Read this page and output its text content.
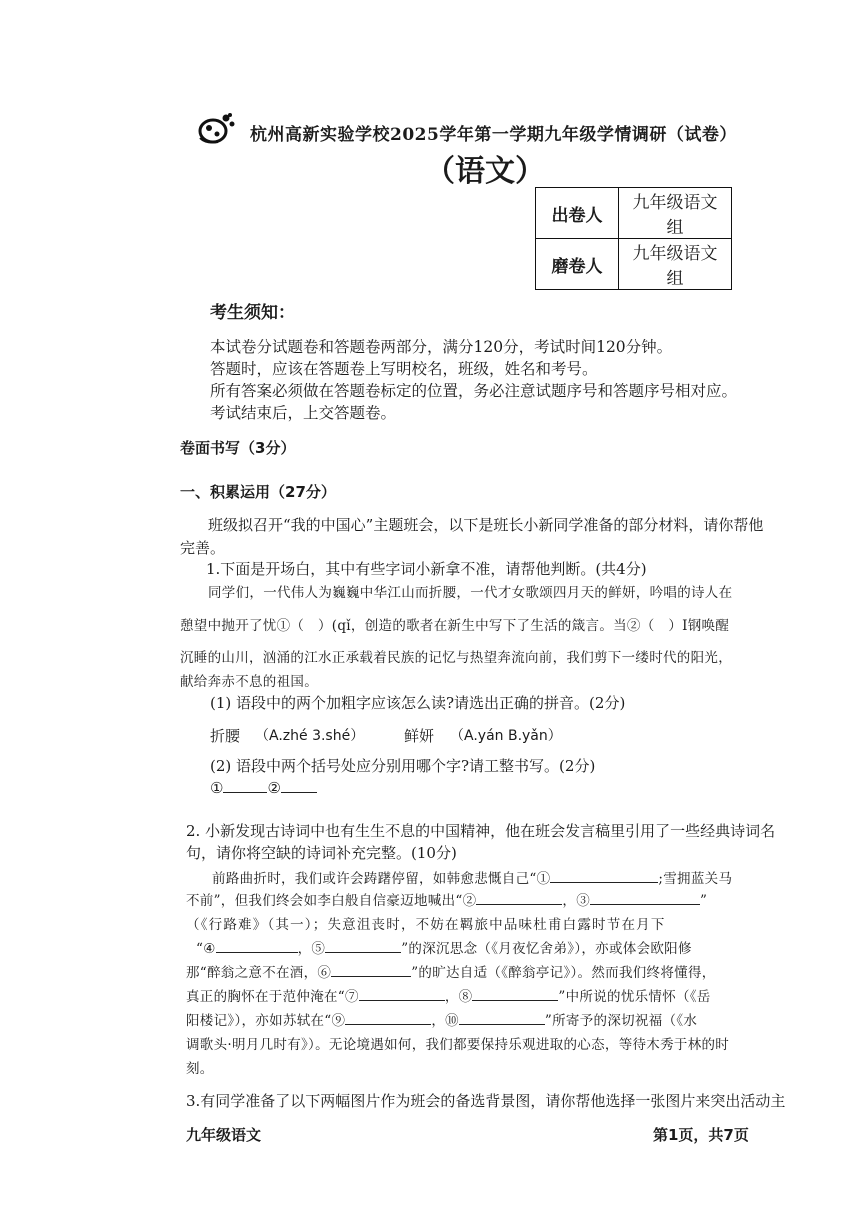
杭州高新实验学校2025学年第一学期九年级学情调研（试卷）
（语文）
出卷人	九年级语文组
磨卷人	九年级语文组
考生须知：
本试卷分试题卷和答题卷两部分，满分120分，考试时间120分钟。
答题时，应该在答题卷上写明校名，班级，姓名和考号。
所有答案必须做在答题卷标定的位置，务必注意试题序号和答题序号相对应。
考试结束后，上交答题卷。
卷面书写（3分）
一、积累运用（27分）
班级拟召开“我的中国心”主题班会，以下是班长小新同学准备的部分材料，请你帮他
完善。
1.下面是开场白，其中有些字词小新拿不准，请帮他判断。(共4分)
同学们，一代伟人为巍巍中华江山而折腰，一代才女歌颂四月天的鲜妍，吟唱的诗人在
憩望中抛开了忧①（　）(qǐ，创造的歌者在新生中写下了生活的箴言。当②（　）Ⅰ钢唤醒
沉睡的山川，汹涌的江水正承载着民族的记忆与热望奔流向前，我们剪下一缕时代的阳光，
献给奔赤不息的祖国。
(1) 语段中的两个加粗字应该怎么读?请选出正确的拼音。(2分)
折腰 （A.zhé 3.shé）	鲜妍 （A.yán B.yǎn）
(2) 语段中两个括号处应分别用哪个字?请工整书写。(2分)
①	②
2. 小新发现古诗词中也有生生不息的中国精神，他在班会发言稿里引用了一些经典诗词名
句，请你将空缺的诗词补充完整。(10分)
前路曲折时，我们或许会踌躇停留，如韩愈悲慨自己“①	;雪拥蓝关马
不前”，但我们终会如李白般自信豪迈地喊出“②	，③	”
（《行路难》（其一）；失意沮丧时，不妨在羁旅中品味杜甫白露时节在月下
“④	，⑤	”的深沉思念（《月夜忆舍弟》），亦或体会欧阳修
那“醉翁之意不在酒，⑥	”的旷达自适（《醉翁亭记》）。然而我们终将懂得，
真正的胸怀在于范仲淹在“⑦	，⑧	”中所说的忧乐情怀（《岳
阳楼记》），亦如苏轼在“⑨	，⑩	”所寄予的深切祝福（《水
调歌头·明月几时有》）。无论境遇如何，我们都要保持乐观进取的心态，等待木秀于林的时
刻。
3.有同学准备了以下两幅图片作为班会的备选背景图，请你帮他选择一张图片来突出活动主
九年级语文	第1页，共7页
